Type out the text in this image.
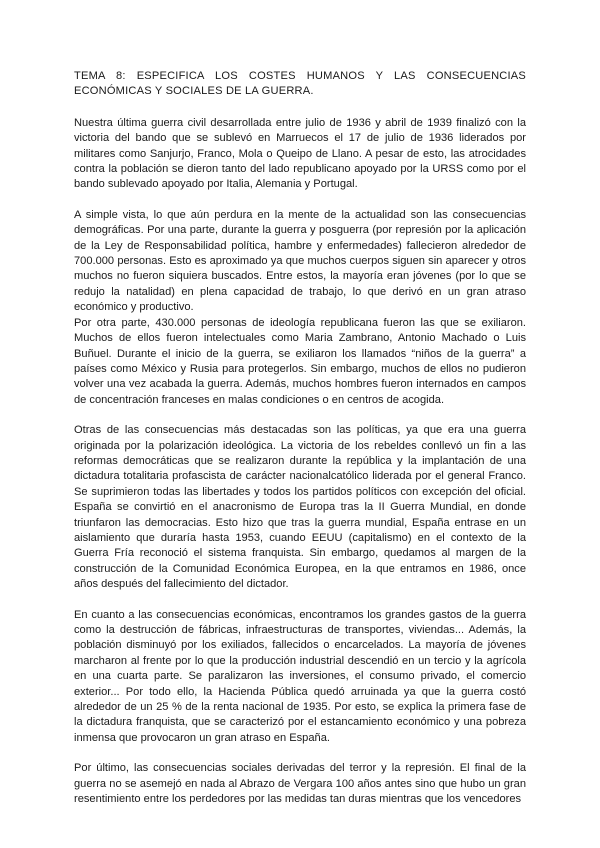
TEMA 8: ESPECIFICA LOS COSTES HUMANOS Y LAS CONSECUENCIAS ECONÓMICAS Y SOCIALES DE LA GUERRA.

Nuestra última guerra civil desarrollada entre julio de 1936 y abril de 1939 finalizó con la victoria del bando que se sublevó en Marruecos el 17 de julio de 1936 liderados por militares como Sanjurjo, Franco, Mola o Queipo de Llano. A pesar de esto, las atrocidades contra la población se dieron tanto del lado republicano apoyado por la URSS como por el bando sublevado apoyado por Italia, Alemania y Portugal.

A simple vista, lo que aún perdura en la mente de la actualidad son las consecuencias demográficas. Por una parte, durante la guerra y posguerra (por represión por la aplicación de la Ley de Responsabilidad política, hambre y enfermedades) fallecieron alrededor de 700.000 personas. Esto es aproximado ya que muchos cuerpos siguen sin aparecer y otros muchos no fueron siquiera buscados. Entre estos, la mayoría eran jóvenes (por lo que se redujo la natalidad) en plena capacidad de trabajo, lo que derivó en un gran atraso económico y productivo.

Por otra parte, 430.000 personas de ideología republicana fueron las que se exiliaron. Muchos de ellos fueron intelectuales como Maria Zambrano, Antonio Machado o Luis Buñuel. Durante el inicio de la guerra, se exiliaron los llamados “niños de la guerra” a países como México y Rusia para protegerlos. Sin embargo, muchos de ellos no pudieron volver una vez acabada la guerra. Además, muchos hombres fueron internados en campos de concentración franceses en malas condiciones o en centros de acogida.

Otras de las consecuencias más destacadas son las políticas, ya que era una guerra originada por la polarización ideológica. La victoria de los rebeldes conllevó un fin a las reformas democráticas que se realizaron durante la república y la implantación de una dictadura totalitaria profascista de carácter nacionalcatólico liderada por el general Franco. Se suprimieron todas las libertades y todos los partidos políticos con excepción del oficial. España se convirtió en el anacronismo de Europa tras la II Guerra Mundial, en donde triunfaron las democracias. Esto hizo que tras la guerra mundial, España entrase en un aislamiento que duraría hasta 1953, cuando EEUU (capitalismo) en el contexto de la Guerra Fría reconoció el sistema franquista. Sin embargo, quedamos al margen de la construcción de la Comunidad Económica Europea, en la que entramos en 1986, once años después del fallecimiento del dictador.

En cuanto a las consecuencias económicas, encontramos los grandes gastos de la guerra como la destrucción de fábricas, infraestructuras de transportes, viviendas... Además, la población disminuyó por los exiliados, fallecidos o encarcelados. La mayoría de jóvenes marcharon al frente por lo que la producción industrial descendió en un tercio y la agrícola en una cuarta parte. Se paralizaron las inversiones, el consumo privado, el comercio exterior... Por todo ello, la Hacienda Pública quedó arruinada ya que la guerra costó alrededor de un 25 % de la renta nacional de 1935. Por esto, se explica la primera fase de la dictadura franquista, que se caracterizó por el estancamiento económico y una pobreza inmensa que provocaron un gran atraso en España.

Por último, las consecuencias sociales derivadas del terror y la represión. El final de la guerra no se asemejó en nada al Abrazo de Vergara 100 años antes sino que hubo un gran resentimiento entre los perdedores por las medidas tan duras mientras que los vencedores
